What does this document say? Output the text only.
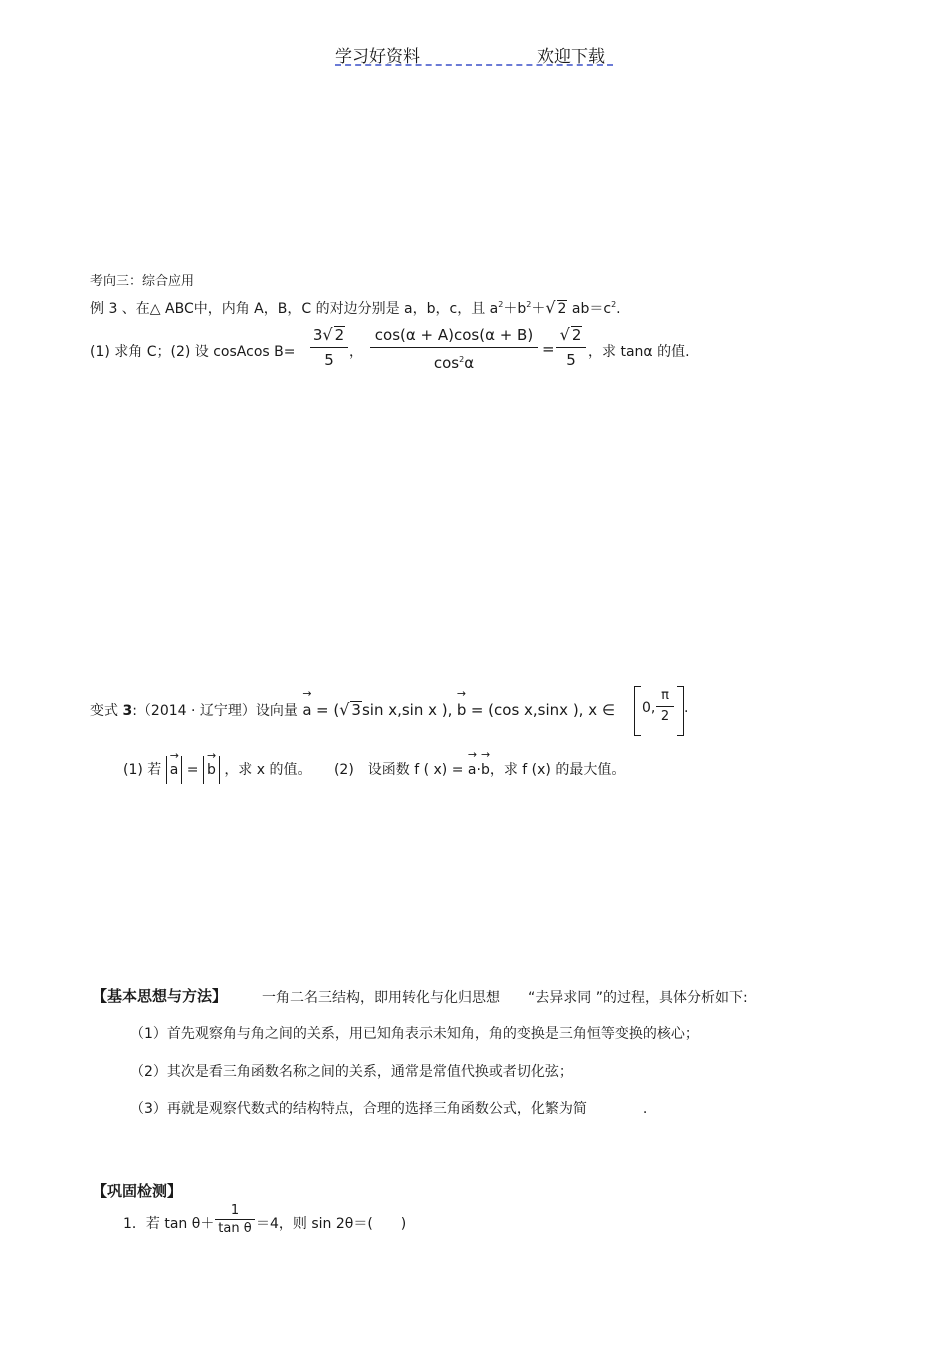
学习好资料	欢迎下载
考向三：综合应用
例 3 、在△ ABC中，内角 A，B，C 的对边分别是 a，b，c，且 $a^2+b^2+√$ 2 $ab=c^2$.
(1) 求角 C；(2) 设 cosAcos B=
3√ 2
5	，
cos(α + A)cos(α + B)
$\cos^2\alpha$
=
√ 2
5 ，求 tanα 的值.
变式 3:（2014 · 辽宁理）设向量 → a = (√ 3sin x,sin x ), → b = (cos x,sinx ), x ∈ 0,
π
2
.
(1) 若 → a = → b ，求 x 的值。 (2)　设函数 f ( x) = → a·→ b，求 f (x) 的最大值。
【基本思想与方法】 一角二名三结构，即用转化与化归思想　　“去异求同 ”的过程，具体分析如下:
（1）首先观察角与角之间的关系，用已知角表示未知角，角的变换是三角恒等变换的核心；
（2）其次是看三角函数名称之间的关系，通常是常值代换或者切化弦；
（3）再就是观察代数式的结构特点，合理的选择三角函数公式，化繁为简　　　　.
【巩固检测】
1．若 tan θ＋
1
tan θ ＝4，则 sin 2θ＝(　　)
